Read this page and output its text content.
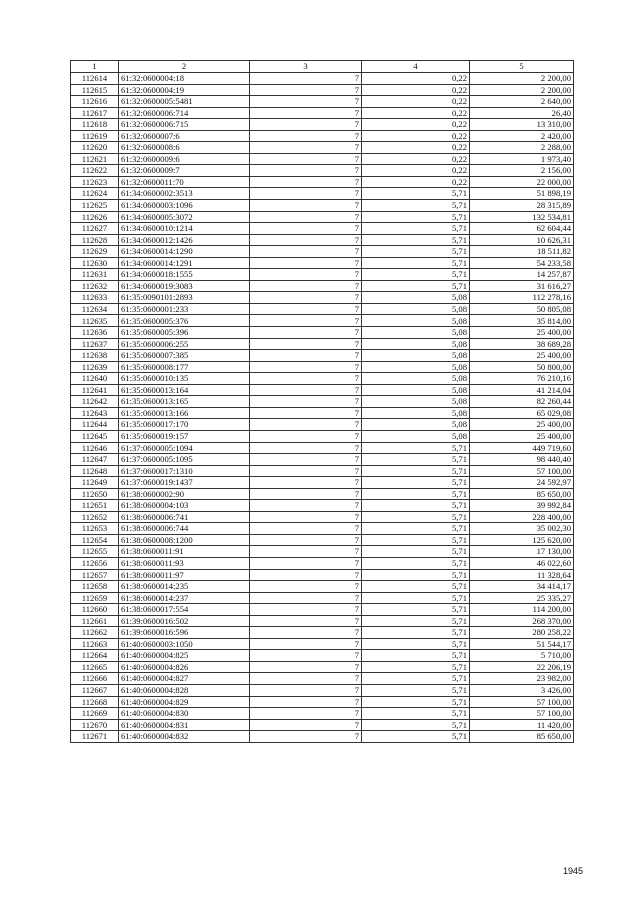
1	2	3	4	5
112614	61:32:0600004:18	7	0,22	2 200,00
112615	61:32:0600004:19	7	0,22	2 200,00
112616	61:32:0600005:5481	7	0,22	2 640,00
112617	61:32:0600006:714	7	0,22	26,40
112618	61:32:0600006:715	7	0,22	13 310,00
112619	61:32:0600007:6	7	0,22	2 420,00
112620	61:32:0600008:6	7	0,22	2 288,00
112621	61:32:0600009:6	7	0,22	1 973,40
112622	61:32:0600009:7	7	0,22	2 156,00
112623	61:32:0600011:70	7	0,22	22 000,00
112624	61:34:0600002:3513	7	5,71	51 898,19
112625	61:34:0600003:1096	7	5,71	28 315,89
112626	61:34:0600005:3072	7	5,71	132 534,81
112627	61:34:0600010:1214	7	5,71	62 604,44
112628	61:34:0600012:1426	7	5,71	10 626,31
112629	61:34:0600014:1290	7	5,71	18 511,82
112630	61:34:0600014:1291	7	5,71	54 233,58
112631	61:34:0600018:1555	7	5,71	14 257,87
112632	61:34:0600019:3083	7	5,71	31 616,27
112633	61:35:0090101:2893	7	5,08	112 278,16
112634	61:35:0600001:233	7	5,08	50 805,08
112635	61:35:0600005:376	7	5,08	35 814,00
112636	61:35:0600005:396	7	5,08	25 400,00
112637	61:35:0600006:255	7	5,08	38 689,28
112638	61:35:0600007:385	7	5,08	25 400,00
112639	61:35:0600008:177	7	5,08	50 800,00
112640	61:35:0600010:135	7	5,08	76 210,16
112641	61:35:0600013:164	7	5,08	41 214,04
112642	61:35:0600013:165	7	5,08	82 260,44
112643	61:35:0600013:166	7	5,08	65 029,08
112644	61:35:0600017:170	7	5,08	25 400,00
112645	61:35:0600019:157	7	5,08	25 400,00
112646	61:37:0600005:1094	7	5,71	449 719,60
112647	61:37:0600005:1095	7	5,71	98 440,40
112648	61:37:0600017:1310	7	5,71	57 100,00
112649	61:37:0600019:1437	7	5,71	24 592,97
112650	61:38:0600002:90	7	5,71	85 650,00
112651	61:38:0600004:103	7	5,71	39 992,84
112652	61:38:0600006:741	7	5,71	228 400,00
112653	61:38:0600006:744	7	5,71	35 002,30
112654	61:38:0600008:1200	7	5,71	125 620,00
112655	61:38:0600011:91	7	5,71	17 130,00
112656	61:38:0600011:93	7	5,71	46 022,60
112657	61:38:0600011:97	7	5,71	11 328,64
112658	61:38:0600014:235	7	5,71	34 414,17
112659	61:38:0600014:237	7	5,71	25 335,27
112660	61:38:0600017:554	7	5,71	114 200,00
112661	61:39:0600016:502	7	5,71	268 370,00
112662	61:39:0600016:596	7	5,71	280 258,22
112663	61:40:0600003:1050	7	5,71	51 544,17
112664	61:40:0600004:825	7	5,71	5 710,00
112665	61:40:0600004:826	7	5,71	22 206,19
112666	61:40:0600004:827	7	5,71	23 982,00
112667	61:40:0600004:828	7	5,71	3 426,00
112668	61:40:0600004:829	7	5,71	57 100,00
112669	61:40:0600004:830	7	5,71	57 100,00
112670	61:40:0600004:831	7	5,71	11 420,00
112671	61:40:0600004:832	7	5,71	85 650,00
1945
